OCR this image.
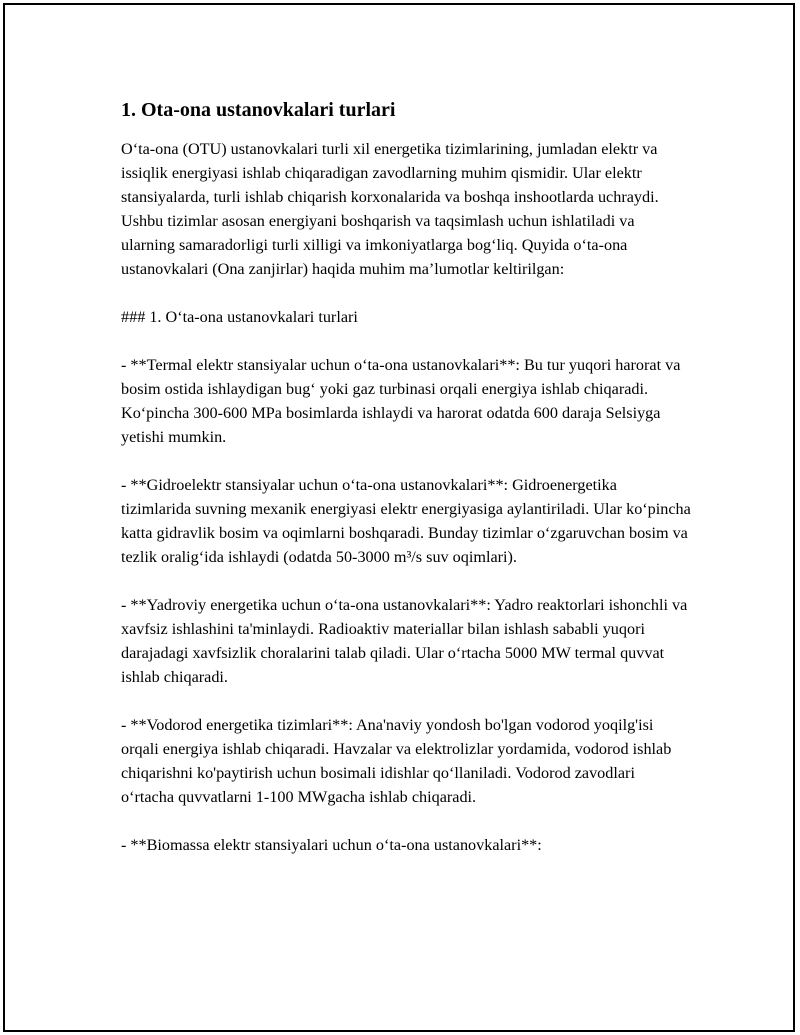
1. Ota-ona ustanovkalari turlari

O‘ta-ona (OTU) ustanovkalari turli xil energetika tizimlarining, jumladan elektr va issiqlik energiyasi ishlab chiqaradigan zavodlarning muhim qismidir. Ular elektr stansiyalarda, turli ishlab chiqarish korxonalarida va boshqa inshootlarda uchraydi. Ushbu tizimlar asosan energiyani boshqarish va taqsimlash uchun ishlatiladi va ularning samaradorligi turli xilligi va imkoniyatlarga bog‘liq. Quyida o‘ta-ona ustanovkalari (Ona zanjirlar) haqida muhim ma’lumotlar keltirilgan:

### 1. O‘ta-ona ustanovkalari turlari

- **Termal elektr stansiyalar uchun o‘ta-ona ustanovkalari**: Bu tur yuqori harorat va bosim ostida ishlaydigan bug‘ yoki gaz turbinasi orqali energiya ishlab chiqaradi. Ko‘pincha 300-600 MPa bosimlarda ishlaydi va harorat odatda 600 daraja Selsiyga yetishi mumkin.

- **Gidroelektr stansiyalar uchun o‘ta-ona ustanovkalari**: Gidroenergetika tizimlarida suvning mexanik energiyasi elektr energiyasiga aylantiriladi. Ular ko‘pincha katta gidravlik bosim va oqimlarni boshqaradi. Bunday tizimlar o‘zgaruvchan bosim va tezlik oralig‘ida ishlaydi (odatda 50-3000 m³/s suv oqimlari).

- **Yadroviy energetika uchun o‘ta-ona ustanovkalari**: Yadro reaktorlari ishonchli va xavfsiz ishlashini ta'minlaydi. Radioaktiv materiallar bilan ishlash sababli yuqori darajadagi xavfsizlik choralarini talab qiladi. Ular o‘rtacha 5000 MW termal quvvat ishlab chiqaradi.

- **Vodorod energetika tizimlari**: Ana'naviy yondosh bo'lgan vodorod yoqilg'isi orqali energiya ishlab chiqaradi. Havzalar va elektrolizlar yordamida, vodorod ishlab chiqarishni ko'paytirish uchun bosimali idishlar qo‘llaniladi. Vodorod zavodlari o‘rtacha quvvatlarni 1-100 MWgacha ishlab chiqaradi.

- **Biomassa elektr stansiyalari uchun o‘ta-ona ustanovkalari**:
